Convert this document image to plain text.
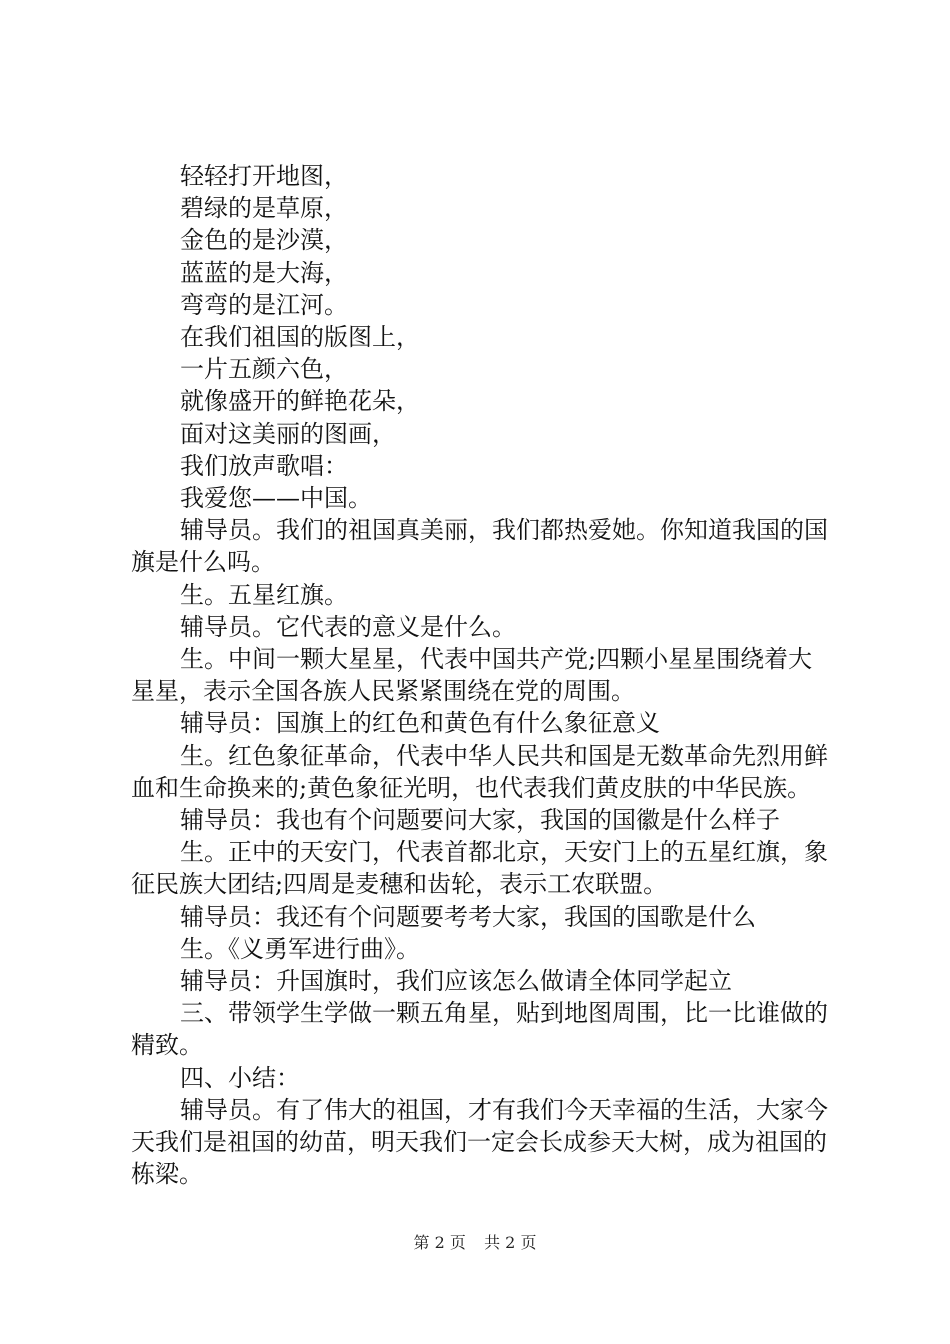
轻轻打开地图，

碧绿的是草原，

金色的是沙漠，

蓝蓝的是大海，

弯弯的是江河。

在我们祖国的版图上，

一片五颜六色，

就像盛开的鲜艳花朵，

面对这美丽的图画，

我们放声歌唱：

我爱您——中国。

辅导员。我们的祖国真美丽，我们都热爱她。你知道我国的国旗是什么吗。

生。五星红旗。

辅导员。它代表的意义是什么。

生。中间一颗大星星，代表中国共产党;四颗小星星围绕着大星星，表示全国各族人民紧紧围绕在党的周围。

辅导员：国旗上的红色和黄色有什么象征意义

生。红色象征革命，代表中华人民共和国是无数革命先烈用鲜血和生命换来的;黄色象征光明，也代表我们黄皮肤的中华民族。

辅导员：我也有个问题要问大家，我国的国徽是什么样子

生。正中的天安门，代表首都北京，天安门上的五星红旗，象征民族大团结;四周是麦穗和齿轮，表示工农联盟。

辅导员：我还有个问题要考考大家，我国的国歌是什么

生。《义勇军进行曲》。

辅导员：升国旗时，我们应该怎么做请全体同学起立

三、带领学生学做一颗五角星，贴到地图周围，比一比谁做的精致。

四、小结：

辅导员。有了伟大的祖国，才有我们今天幸福的生活，大家今天我们是祖国的幼苗，明天我们一定会长成参天大树，成为祖国的栋梁。

第 2 页 共 2 页
